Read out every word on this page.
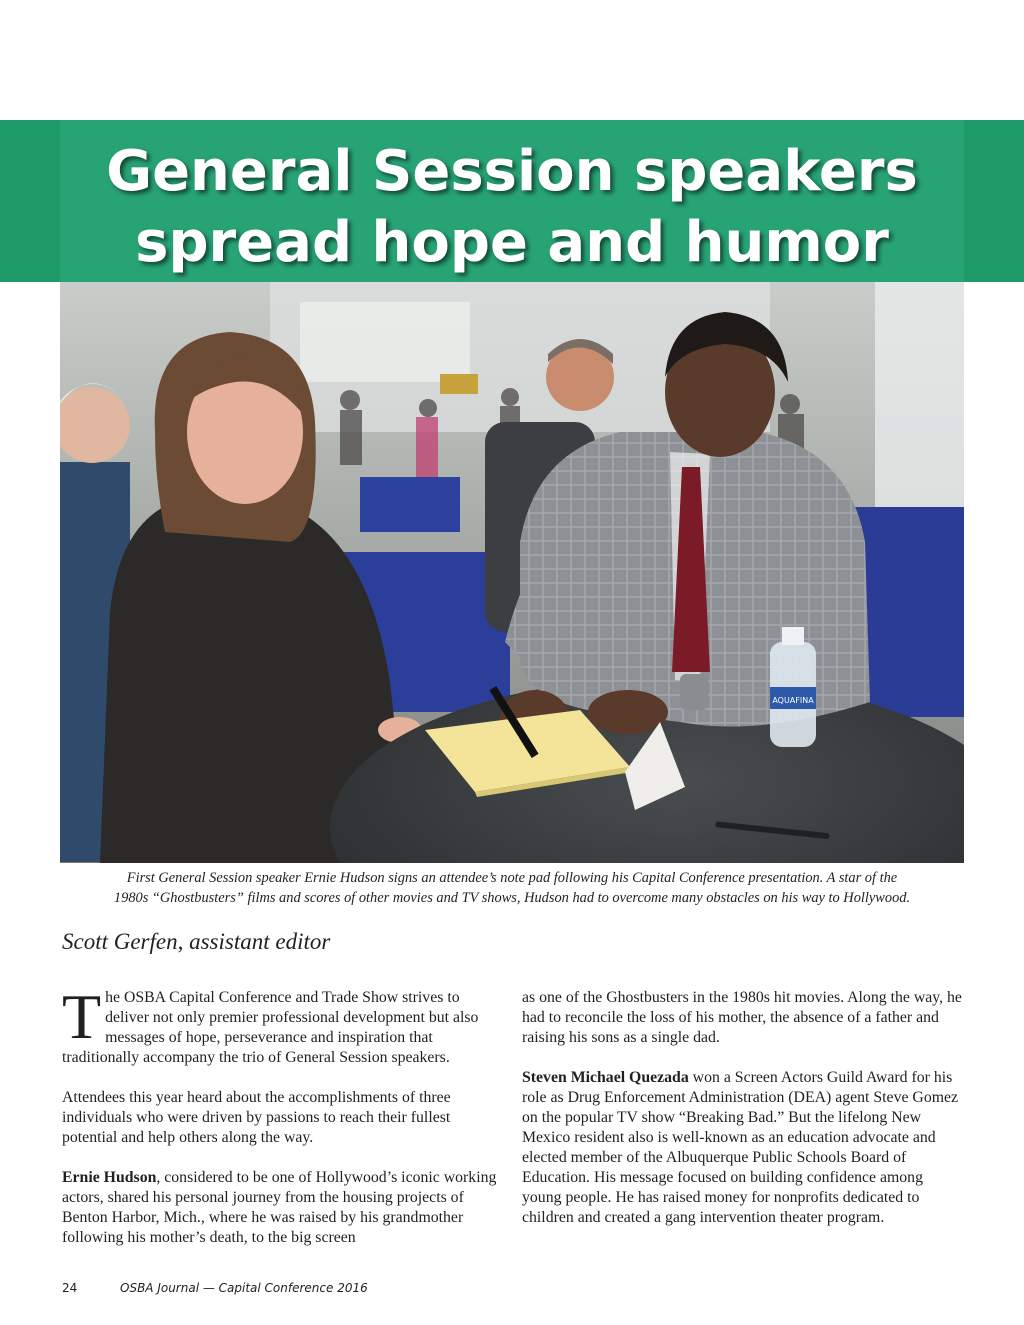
General Session speakers
spread hope and humor
AQUAFINA
First General Session speaker Ernie Hudson signs an attendee’s note pad following his Capital Conference presentation. A star of the
1980s “Ghostbusters” films and scores of other movies and TV shows, Hudson had to overcome many obstacles on his way to Hollywood.
Scott Gerfen, assistant editor

The OSBA Capital Conference and Trade Show strives to deliver not only premier professional development but also messages of hope, perseverance and inspiration that traditionally accompany the trio of General Session speakers.

Attendees this year heard about the accomplishments of three individuals who were driven by passions to reach their fullest potential and help others along the way.

Ernie Hudson, considered to be one of Hollywood’s iconic working actors, shared his personal journey from the housing projects of Benton Harbor, Mich., where he was raised by his grandmother following his mother’s death, to the big screen

as one of the Ghostbusters in the 1980s hit movies. Along the way, he had to reconcile the loss of his mother, the absence of a father and raising his sons as a single dad.

Steven Michael Quezada won a Screen Actors Guild Award for his role as Drug Enforcement Administration (DEA) agent Steve Gomez on the popular TV show “Breaking Bad.” But the lifelong New Mexico resident also is well-known as an education advocate and elected member of the Albuquerque Public Schools Board of Education. His message focused on building confidence among young people. He has raised money for nonprofits dedicated to children and created a gang intervention theater program.

24	OSBA Journal — Capital Conference 2016
